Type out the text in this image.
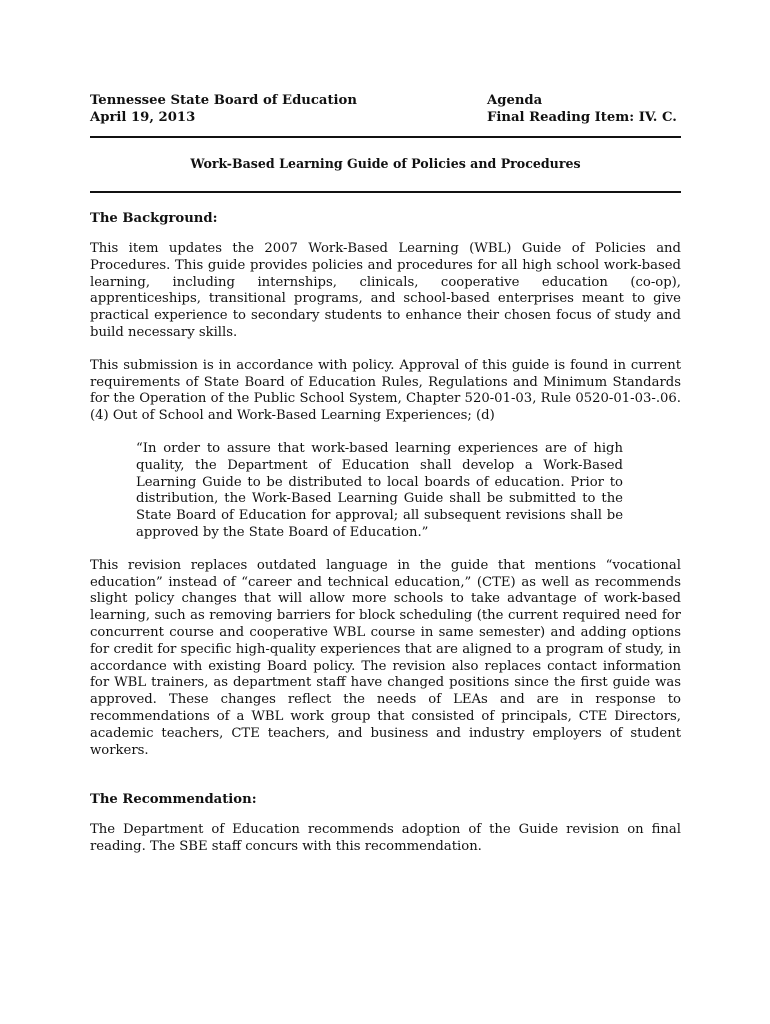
Tennessee State Board of Education
April 19, 2013
Agenda
Final Reading Item: IV. C.
Work-Based Learning Guide of Policies and Procedures
The Background:

This item updates the 2007 Work-Based Learning (WBL) Guide of Policies and Procedures. This guide provides policies and procedures for all high school work-based learning, including internships, clinicals, cooperative education (co-op), apprenticeships, transitional programs, and school-based enterprises meant to give practical experience to secondary students to enhance their chosen focus of study and build necessary skills.

This submission is in accordance with policy. Approval of this guide is found in current requirements of State Board of Education Rules, Regulations and Minimum Standards for the Operation of the Public School System, Chapter 520-01-03, Rule 0520-01-03-.06. (4) Out of School and Work-Based Learning Experiences; (d)

“In order to assure that work-based learning experiences are of high quality, the Department of Education shall develop a Work-Based Learning Guide to be distributed to local boards of education. Prior to distribution, the Work-Based Learning Guide shall be submitted to the State Board of Education for approval; all subsequent revisions shall be approved by the State Board of Education.”

This revision replaces outdated language in the guide that mentions “vocational education” instead of “career and technical education,” (CTE) as well as recommends slight policy changes that will allow more schools to take advantage of work-based learning, such as removing barriers for block scheduling (the current required need for concurrent course and cooperative WBL course in same semester) and adding options for credit for specific high-quality experiences that are aligned to a program of study, in accordance with existing Board policy. The revision also replaces contact information for WBL trainers, as department staff have changed positions since the first guide was approved. These changes reflect the needs of LEAs and are in response to recommendations of a WBL work group that consisted of principals, CTE Directors, academic teachers, CTE teachers, and business and industry employers of student workers.

The Recommendation:

The Department of Education recommends adoption of the Guide revision on final reading. The SBE staff concurs with this recommendation.
